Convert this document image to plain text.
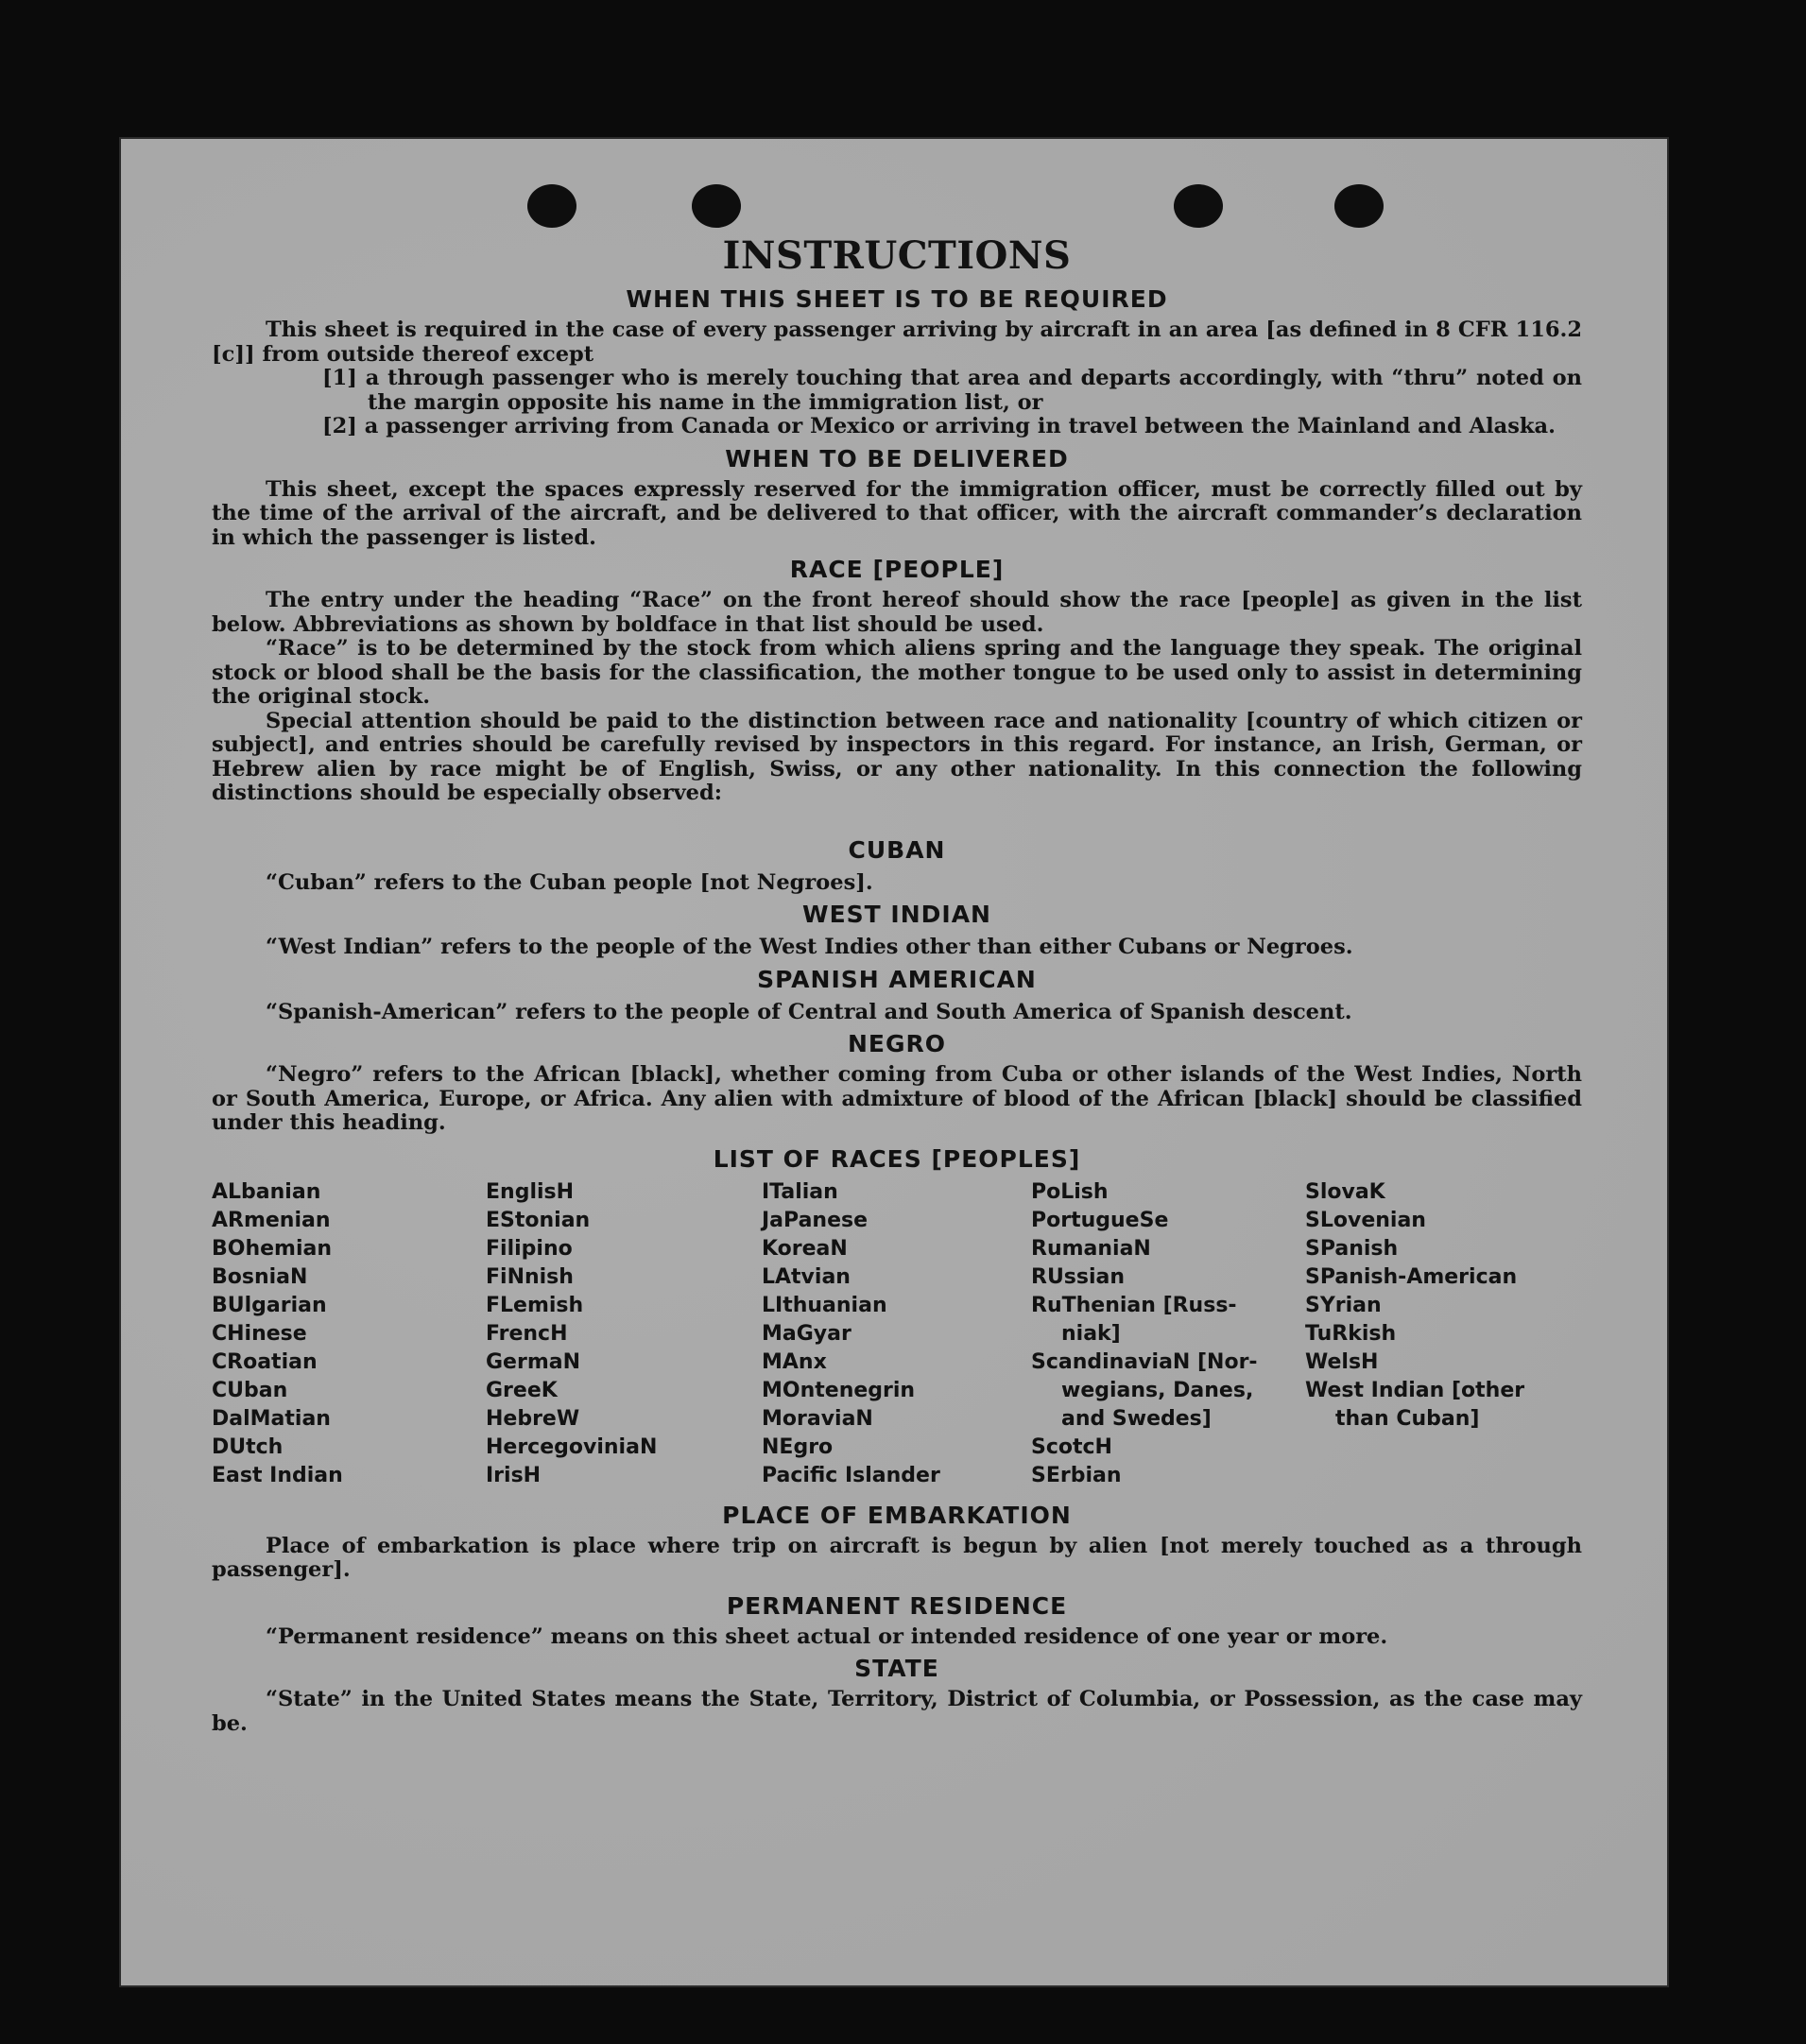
INSTRUCTIONS
WHEN THIS SHEET IS TO BE REQUIRED

This sheet is required in the case of every passenger arriving by aircraft in an area [as defined in 8 CFR 116.2 [c]] from outside thereof except

[1] a through passenger who is merely touching that area and departs accordingly, with “thru” noted on the margin opposite his name in the immigration list, or

[2] a passenger arriving from Canada or Mexico or arriving in travel between the Mainland and Alaska.

WHEN TO BE DELIVERED

This sheet, except the spaces expressly reserved for the immigration officer, must be correctly filled out by the time of the arrival of the aircraft, and be delivered to that officer, with the aircraft commander’s declaration in which the passenger is listed.

RACE [PEOPLE]

The entry under the heading “Race” on the front hereof should show the race [people] as given in the list below. Abbreviations as shown by boldface in that list should be used.

“Race” is to be determined by the stock from which aliens spring and the language they speak. The original stock or blood shall be the basis for the classification, the mother tongue to be used only to assist in determining the original stock.

Special attention should be paid to the distinction between race and nationality [country of which citizen or subject], and entries should be carefully revised by inspectors in this regard. For instance, an Irish, German, or Hebrew alien by race might be of English, Swiss, or any other nationality. In this connection the following distinctions should be especially observed:

CUBAN

“Cuban” refers to the Cuban people [not Negroes].

WEST INDIAN

“West Indian” refers to the people of the West Indies other than either Cubans or Negroes.

SPANISH AMERICAN

“Spanish-American” refers to the people of Central and South America of Spanish descent.

NEGRO

“Negro” refers to the African [black], whether coming from Cuba or other islands of the West Indies, North or South America, Europe, or Africa. Any alien with admixture of blood of the African [black] should be classified under this heading.

LIST OF RACES [PEOPLES]
ALbanian
ARmenian
BOhemian
BosniaN
BUlgarian
CHinese
CRoatian
CUban
DalMatian
DUtch
East Indian
EnglisH
EStonian
Filipino
FiNnish
FLemish
FrencH
GermaN
GreeK
HebreW
HercegoviniaN
IrisH
ITalian
JaPanese
KoreaN
LAtvian
LIthuanian
MaGyar
MAnx
MOntenegrin
MoraviaN
NEgro
Pacific Islander
PoLish
PortugueSe
RumaniaN
RUssian
RuThenian [Russ-
niak]
ScandinaviaN [Nor-
wegians, Danes,
and Swedes]
ScotcH
SErbian
SlovaK
SLovenian
SPanish
SPanish-American
SYrian
TuRkish
WelsH
West Indian [other
than Cuban]
PLACE OF EMBARKATION

Place of embarkation is place where trip on aircraft is begun by alien [not merely touched as a through passenger].

PERMANENT RESIDENCE

“Permanent residence” means on this sheet actual or intended residence of one year or more.

STATE

“State” in the United States means the State, Territory, District of Columbia, or Possession, as the case may be.
